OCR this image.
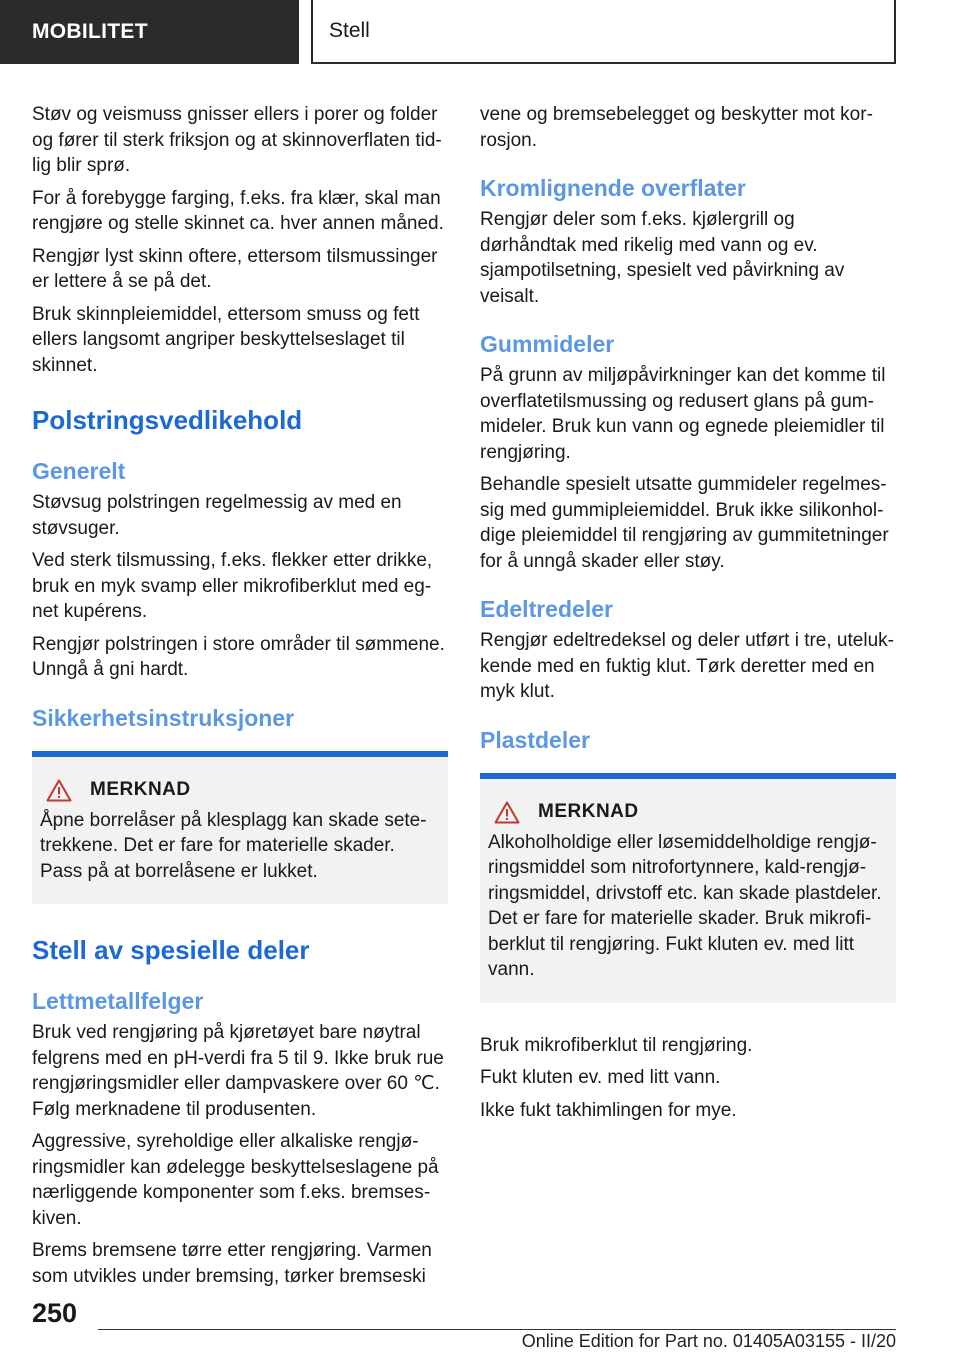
MOBILITET	Stell

Støv og veismuss gnisser ellers i porer og folder og fører til sterk friksjon og at skinnoverflaten tidlig blir sprø.

For å forebygge farging, f.eks. fra klær, skal man rengjøre og stelle skinnet ca. hver annen måned.

Rengjør lyst skinn oftere, ettersom tilsmussinger er lettere å se på det.

Bruk skinnpleiemiddel, ettersom smuss og fett ellers langsomt angriper beskyttelseslaget til skinnet.

Polstringsvedlikehold
Generelt

Støvsug polstringen regelmessig av med en støvsuger.

Ved sterk tilsmussing, f.eks. flekker etter drikke, bruk en myk svamp eller mikrofiberklut med egnet kupérens.

Rengjør polstringen i store områder til sømmene. Unngå å gni hardt.

Sikkerhetsinstruksjoner
MERKNAD

Åpne borrelåser på klesplagg kan skade setetrekkene. Det er fare for materielle skader. Pass på at borrelåsene er lukket.

Stell av spesielle deler
Lettmetallfelger

Bruk ved rengjøring på kjøretøyet bare nøytral felgrens med en pH-verdi fra 5 til 9. Ikke bruk rue rengjøringsmidler eller dampvaskere over 60 ℃. Følg merknadene til produsenten.

Aggressive, syreholdige eller alkaliske rengjøringsmidler kan ødelegge beskyttelseslagene på nærliggende komponenter som f.eks. bremseskiven.

Brems bremsene tørre etter rengjøring. Varmen som utvikles under bremsing, tørker bremseski

vene og bremsebelegget og beskytter mot korrosjon.

Kromlignende overflater

Rengjør deler som f.eks. kjølergrill og dørhåndtak med rikelig med vann og ev. sjampotilsetning, spesielt ved påvirkning av veisalt.

Gummideler

På grunn av miljøpåvirkninger kan det komme til overflatetilsmussing og redusert glans på gummideler. Bruk kun vann og egnede pleiemidler til rengjøring.

Behandle spesielt utsatte gummideler regelmessig med gummipleiemiddel. Bruk ikke silikonholdige pleiemiddel til rengjøring av gummitetninger for å unngå skader eller støy.

Edeltredeler

Rengjør edeltredeksel og deler utført i tre, utelukkende med en fuktig klut. Tørk deretter med en myk klut.

Plastdeler
MERKNAD

Alkoholholdige eller løsemiddelholdige rengjøringsmiddel som nitrofortynnere, kald-rengjøringsmiddel, drivstoff etc. kan skade plastdeler. Det er fare for materielle skader. Bruk mikrofiberklut til rengjøring. Fukt kluten ev. med litt vann.

Bruk mikrofiberklut til rengjøring.

Fukt kluten ev. med litt vann.

Ikke fukt takhimlingen for mye.

250
Online Edition for Part no. 01405A03155 - II/20
